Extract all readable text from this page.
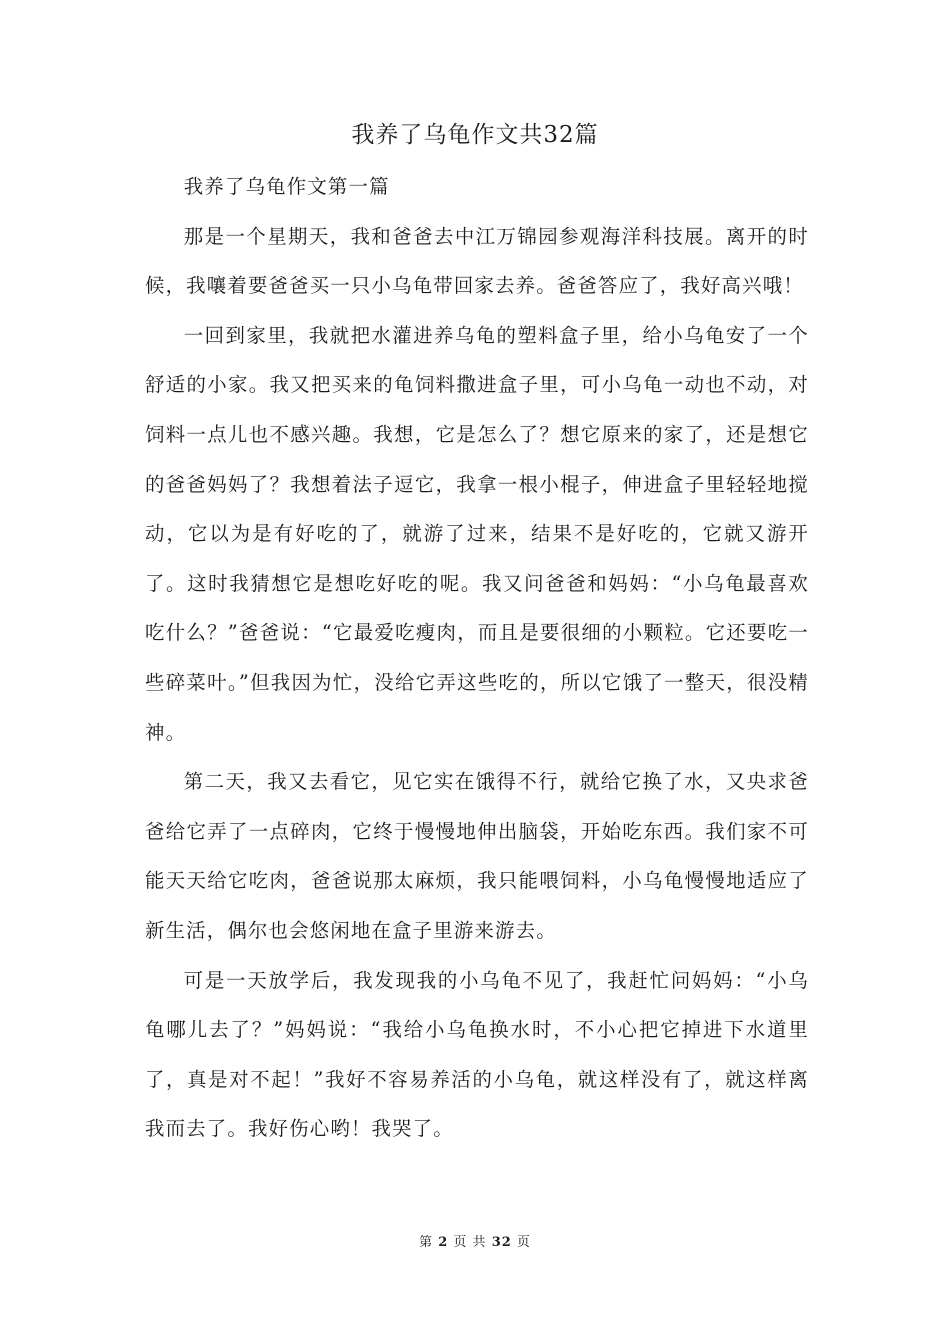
我养了乌龟作文共32篇

我养了乌龟作文第一篇

那是一个星期天，我和爸爸去中江万锦园参观海洋科技展。离开的时候，我嚷着要爸爸买一只小乌龟带回家去养。爸爸答应了，我好高兴哦！

一回到家里，我就把水灌进养乌龟的塑料盒子里，给小乌龟安了一个舒适的小家。我又把买来的龟饲料撒进盒子里，可小乌龟一动也不动，对饲料一点儿也不感兴趣。我想，它是怎么了？想它原来的家了，还是想它的爸爸妈妈了？我想着法子逗它，我拿一根小棍子，伸进盒子里轻轻地搅动，它以为是有好吃的了，就游了过来，结果不是好吃的，它就又游开了。这时我猜想它是想吃好吃的呢。我又问爸爸和妈妈：“小乌龟最喜欢吃什么？”爸爸说：“它最爱吃瘦肉，而且是要很细的小颗粒。它还要吃一些碎菜叶。”但我因为忙，没给它弄这些吃的，所以它饿了一整天，很没精神。

第二天，我又去看它，见它实在饿得不行，就给它换了水，又央求爸爸给它弄了一点碎肉，它终于慢慢地伸出脑袋，开始吃东西。我们家不可能天天给它吃肉，爸爸说那太麻烦，我只能喂饲料，小乌龟慢慢地适应了新生活，偶尔也会悠闲地在盒子里游来游去。

可是一天放学后，我发现我的小乌龟不见了，我赶忙问妈妈：“小乌龟哪儿去了？”妈妈说：“我给小乌龟换水时，不小心把它掉进下水道里了，真是对不起！”我好不容易养活的小乌龟，就这样没有了，就这样离我而去了。我好伤心哟！我哭了。

第 2 页 共 32 页
